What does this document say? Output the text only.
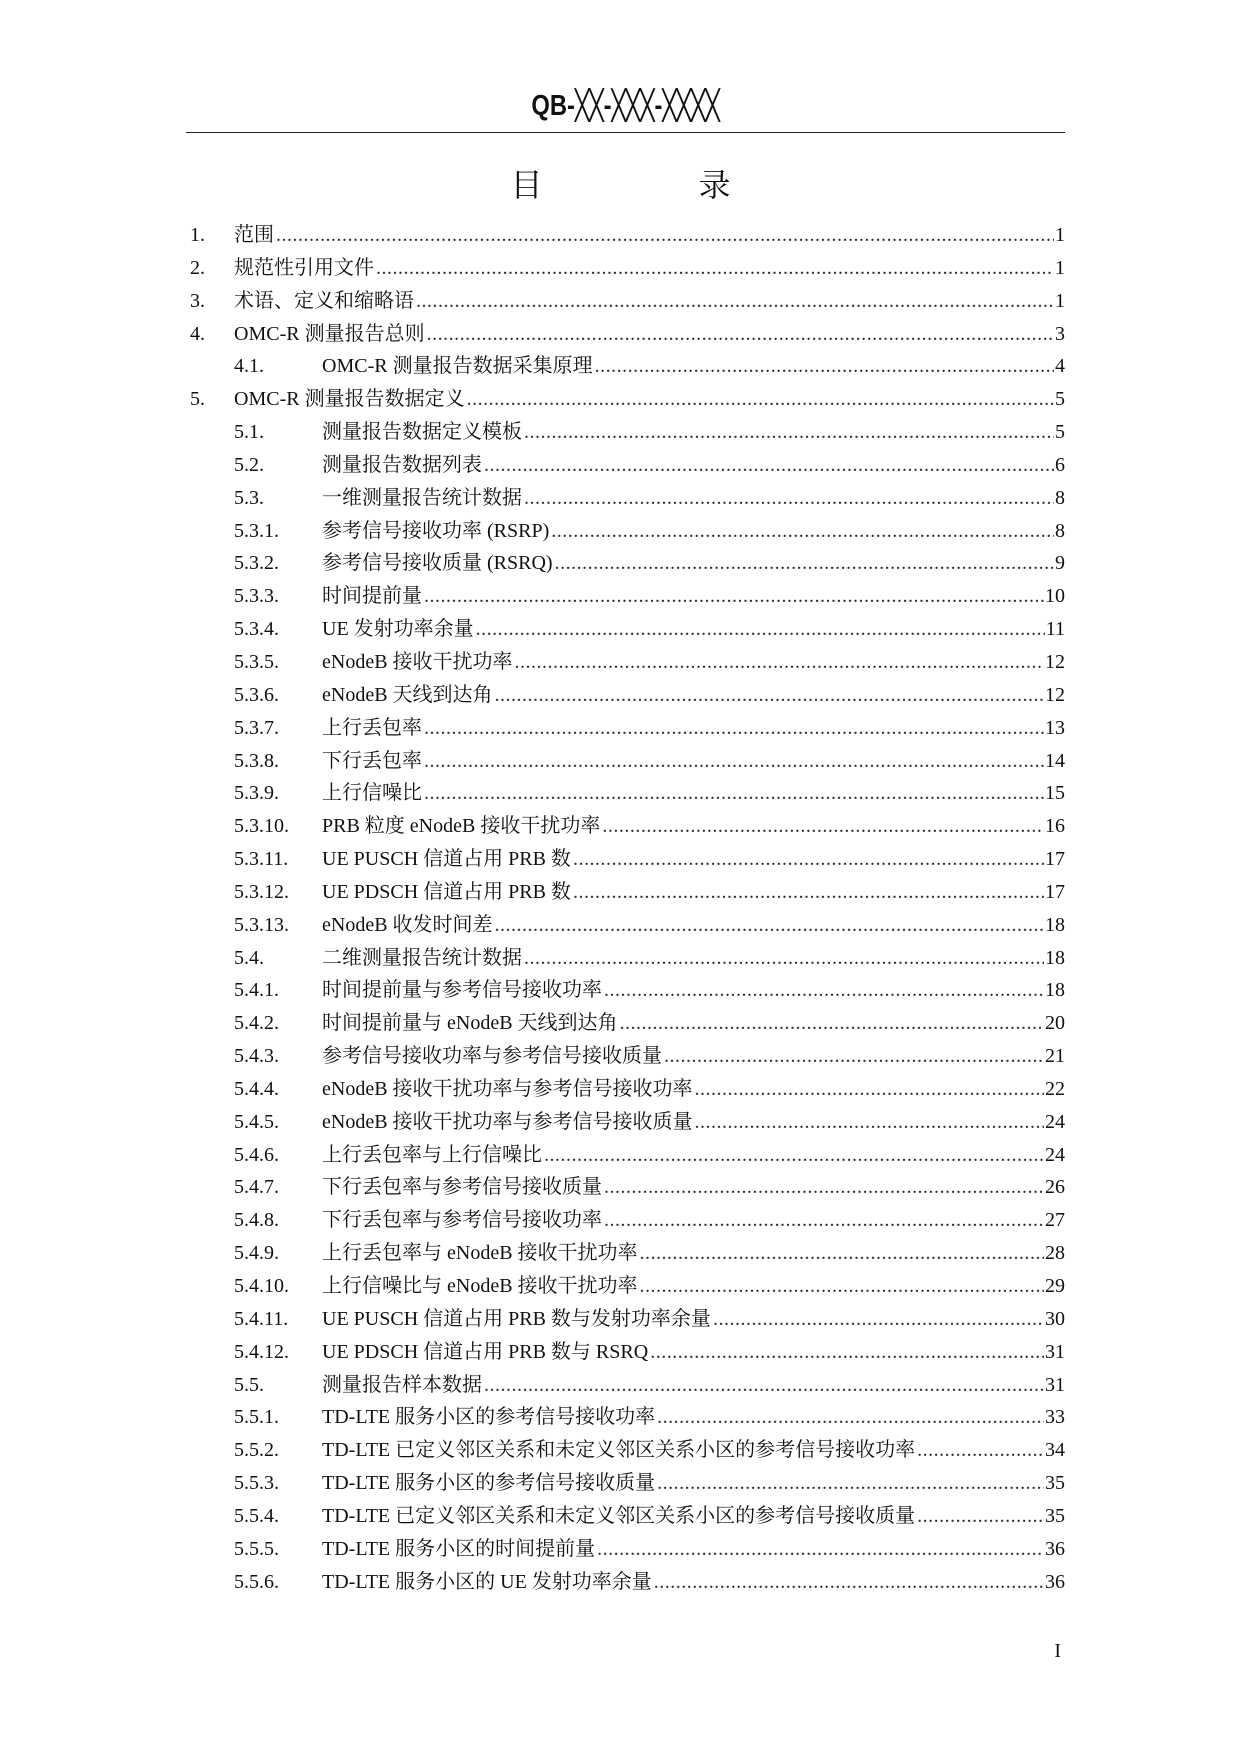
QB-╳╳-╳╳╳-╳╳╳╳
目　录
1.	范围 .....	1
2.	规范性引用文件 .....	1
3.	术语、定义和缩略语 .....	1
4.	OMC-R 测量报告总则 .....	3
4.1.	OMC-R 测量报告数据采集原理 .....	4
5.	OMC-R 测量报告数据定义 .....	5
5.1.	测量报告数据定义模板 .....	5
5.2.	测量报告数据列表 .....	6
5.3.	一维测量报告统计数据 .....	8
5.3.1.	参考信号接收功率 (RSRP) .....	8
5.3.2.	参考信号接收质量 (RSRQ) .....	9
5.3.3.	时间提前量 .....	10
5.3.4.	UE 发射功率余量 .....	11
5.3.5.	eNodeB 接收干扰功率 .....	12
5.3.6.	eNodeB 天线到达角 .....	12
5.3.7.	上行丢包率 .....	13
5.3.8.	下行丢包率 .....	14
5.3.9.	上行信噪比 .....	15
5.3.10.	PRB 粒度 eNodeB 接收干扰功率 .....	16
5.3.11.	UE PUSCH 信道占用 PRB 数 .....	17
5.3.12.	UE PDSCH 信道占用 PRB 数 .....	17
5.3.13.	eNodeB 收发时间差 .....	18
5.4.	二维测量报告统计数据 .....	18
5.4.1.	时间提前量与参考信号接收功率 .....	18
5.4.2.	时间提前量与 eNodeB 天线到达角 .....	20
5.4.3.	参考信号接收功率与参考信号接收质量 .....	21
5.4.4.	eNodeB 接收干扰功率与参考信号接收功率 .....	22
5.4.5.	eNodeB 接收干扰功率与参考信号接收质量 .....	24
5.4.6.	上行丢包率与上行信噪比 .....	24
5.4.7.	下行丢包率与参考信号接收质量 .....	26
5.4.8.	下行丢包率与参考信号接收功率 .....	27
5.4.9.	上行丢包率与 eNodeB 接收干扰功率 .....	28
5.4.10.	上行信噪比与 eNodeB 接收干扰功率 .....	29
5.4.11.	UE PUSCH 信道占用 PRB 数与发射功率余量 .....	30
5.4.12.	UE PDSCH 信道占用 PRB 数与 RSRQ .....	31
5.5.	测量报告样本数据 .....	31
5.5.1.	TD-LTE 服务小区的参考信号接收功率 .....	33
5.5.2.	TD-LTE 已定义邻区关系和未定义邻区关系小区的参考信号接收功率 .....	34
5.5.3.	TD-LTE 服务小区的参考信号接收质量 .....	35
5.5.4.	TD-LTE 已定义邻区关系和未定义邻区关系小区的参考信号接收质量 .....	35
5.5.5.	TD-LTE 服务小区的时间提前量 .....	36
5.5.6.	TD-LTE 服务小区的 UE 发射功率余量 .....	36
I
